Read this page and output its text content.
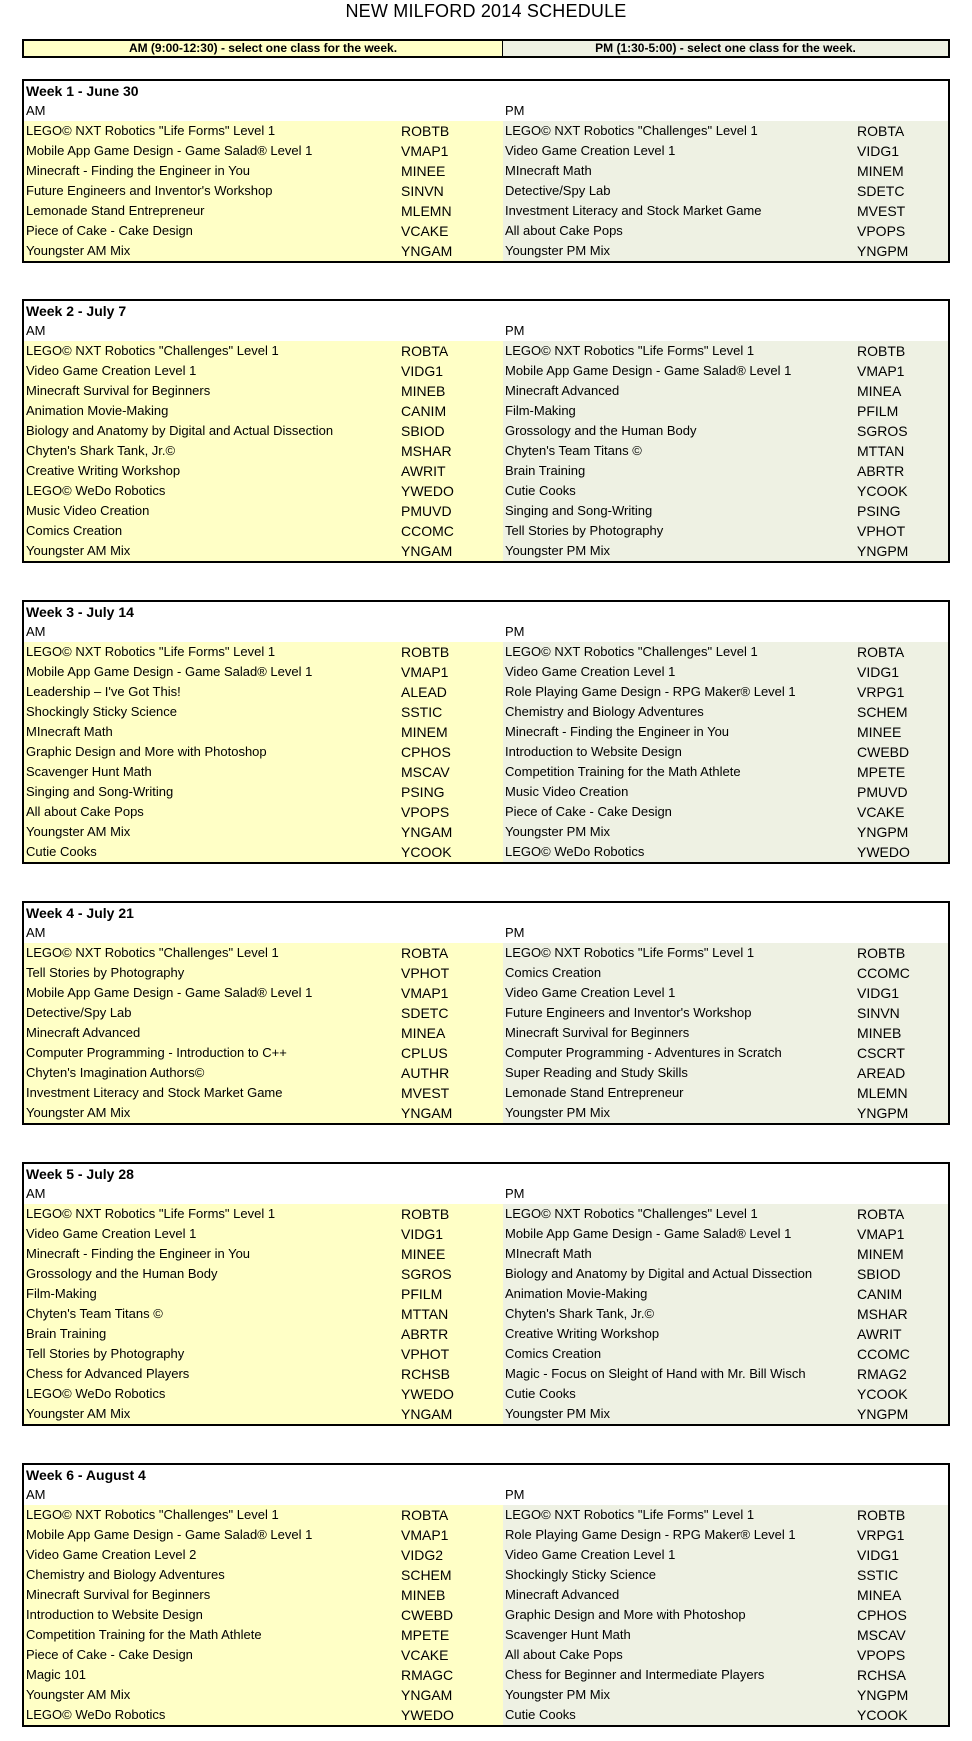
NEW MILFORD 2014 SCHEDULE
AM (9:00-12:30) - select one class for the week.	PM (1:30-5:00) - select one class for the week.
Week 1 - June 30
AM	PM
LEGO© NXT Robotics "Life Forms" Level 1	ROBTB	LEGO© NXT Robotics "Challenges" Level 1	ROBTA
Mobile App Game Design - Game Salad® Level 1	VMAP1	Video Game Creation Level 1	VIDG1
Minecraft - Finding the Engineer in You	MINEE	MInecraft Math	MINEM
Future Engineers and Inventor's Workshop	SINVN	Detective/Spy Lab	SDETC
Lemonade Stand Entrepreneur	MLEMN	Investment Literacy and Stock Market Game	MVEST
Piece of Cake - Cake Design	VCAKE	All about Cake Pops	VPOPS
Youngster AM Mix	YNGAM	Youngster PM Mix	YNGPM
Week 2 - July 7
AM	PM
LEGO© NXT Robotics "Challenges" Level 1	ROBTA	LEGO© NXT Robotics "Life Forms" Level 1	ROBTB
Video Game Creation Level 1	VIDG1	Mobile App Game Design - Game Salad® Level 1	VMAP1
Minecraft Survival for Beginners	MINEB	Minecraft Advanced	MINEA
Animation Movie-Making	CANIM	Film-Making	PFILM
Biology and Anatomy by Digital and Actual Dissection	SBIOD	Grossology and the Human Body	SGROS
Chyten's Shark Tank, Jr.©	MSHAR	Chyten's Team Titans ©	MTTAN
Creative Writing Workshop	AWRIT	Brain Training	ABRTR
LEGO© WeDo Robotics	YWEDO	Cutie Cooks	YCOOK
Music Video Creation	PMUVD	Singing and Song-Writing	PSING
Comics Creation	CCOMC	Tell Stories by Photography	VPHOT
Youngster AM Mix	YNGAM	Youngster PM Mix	YNGPM
Week 3 - July 14
AM	PM
LEGO© NXT Robotics "Life Forms" Level 1	ROBTB	LEGO© NXT Robotics "Challenges" Level 1	ROBTA
Mobile App Game Design - Game Salad® Level 1	VMAP1	Video Game Creation Level 1	VIDG1
Leadership – I've Got This!	ALEAD	Role Playing Game Design - RPG Maker® Level 1	VRPG1
Shockingly Sticky Science	SSTIC	Chemistry and Biology Adventures	SCHEM
MInecraft Math	MINEM	Minecraft - Finding the Engineer in You	MINEE
Graphic Design and More with Photoshop	CPHOS	Introduction to Website Design	CWEBD
Scavenger Hunt Math	MSCAV	Competition Training for the Math Athlete	MPETE
Singing and Song-Writing	PSING	Music Video Creation	PMUVD
All about Cake Pops	VPOPS	Piece of Cake - Cake Design	VCAKE
Youngster AM Mix	YNGAM	Youngster PM Mix	YNGPM
Cutie Cooks	YCOOK	LEGO© WeDo Robotics	YWEDO
Week 4 - July 21
AM	PM
LEGO© NXT Robotics "Challenges" Level 1	ROBTA	LEGO© NXT Robotics "Life Forms" Level 1	ROBTB
Tell Stories by Photography	VPHOT	Comics Creation	CCOMC
Mobile App Game Design - Game Salad® Level 1	VMAP1	Video Game Creation Level 1	VIDG1
Detective/Spy Lab	SDETC	Future Engineers and Inventor's Workshop	SINVN
Minecraft Advanced	MINEA	Minecraft Survival for Beginners	MINEB
Computer Programming - Introduction to C++	CPLUS	Computer Programming - Adventures in Scratch	CSCRT
Chyten's Imagination Authors©	AUTHR	Super Reading and Study Skills	AREAD
Investment Literacy and Stock Market Game	MVEST	Lemonade Stand Entrepreneur	MLEMN
Youngster AM Mix	YNGAM	Youngster PM Mix	YNGPM
Week 5 - July 28
AM	PM
LEGO© NXT Robotics "Life Forms" Level 1	ROBTB	LEGO© NXT Robotics "Challenges" Level 1	ROBTA
Video Game Creation Level 1	VIDG1	Mobile App Game Design - Game Salad® Level 1	VMAP1
Minecraft - Finding the Engineer in You	MINEE	MInecraft Math	MINEM
Grossology and the Human Body	SGROS	Biology and Anatomy by Digital and Actual Dissection	SBIOD
Film-Making	PFILM	Animation Movie-Making	CANIM
Chyten's Team Titans ©	MTTAN	Chyten's Shark Tank, Jr.©	MSHAR
Brain Training	ABRTR	Creative Writing Workshop	AWRIT
Tell Stories by Photography	VPHOT	Comics Creation	CCOMC
Chess for Advanced Players	RCHSB	Magic - Focus on Sleight of Hand with Mr. Bill Wisch	RMAG2
LEGO© WeDo Robotics	YWEDO	Cutie Cooks	YCOOK
Youngster AM Mix	YNGAM	Youngster PM Mix	YNGPM
Week 6 - August 4
AM	PM
LEGO© NXT Robotics "Challenges" Level 1	ROBTA	LEGO© NXT Robotics "Life Forms" Level 1	ROBTB
Mobile App Game Design - Game Salad® Level 1	VMAP1	Role Playing Game Design - RPG Maker® Level 1	VRPG1
Video Game Creation Level 2	VIDG2	Video Game Creation Level 1	VIDG1
Chemistry and Biology Adventures	SCHEM	Shockingly Sticky Science	SSTIC
Minecraft Survival for Beginners	MINEB	Minecraft Advanced	MINEA
Introduction to Website Design	CWEBD	Graphic Design and More with Photoshop	CPHOS
Competition Training for the Math Athlete	MPETE	Scavenger Hunt Math	MSCAV
Piece of Cake - Cake Design	VCAKE	All about Cake Pops	VPOPS
Magic 101	RMAGC	Chess for Beginner and Intermediate Players	RCHSA
Youngster AM Mix	YNGAM	Youngster PM Mix	YNGPM
LEGO© WeDo Robotics	YWEDO	Cutie Cooks	YCOOK
